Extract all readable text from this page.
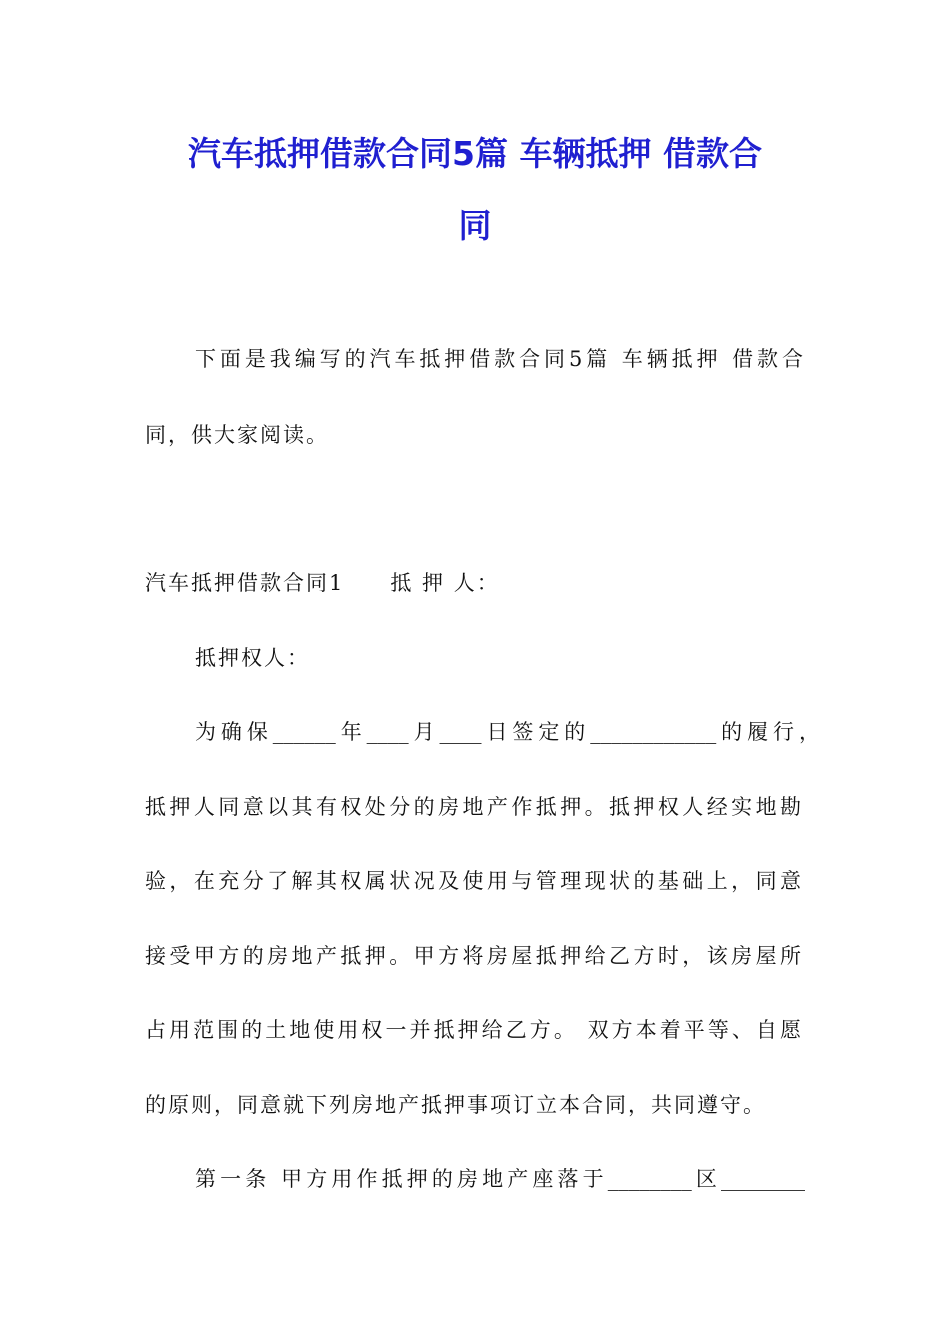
汽车抵押借款合同5篇 车辆抵押 借款合
同
下面是我编写的汽车抵押借款合同5篇 车辆抵押 借款合
同，供大家阅读。
汽车抵押借款合同1　　抵 押 人：
抵押权人：
为确保______年____月____日签定的____________的履行，
抵押人同意以其有权处分的房地产作抵押。抵押权人经实地勘
验，在充分了解其权属状况及使用与管理现状的基础上，同意
接受甲方的房地产抵押。甲方将房屋抵押给乙方时，该房屋所
占用范围的土地使用权一并抵押给乙方。 双方本着平等、自愿
的原则，同意就下列房地产抵押事项订立本合同，共同遵守。
第一条 甲方用作抵押的房地产座落于________区________
